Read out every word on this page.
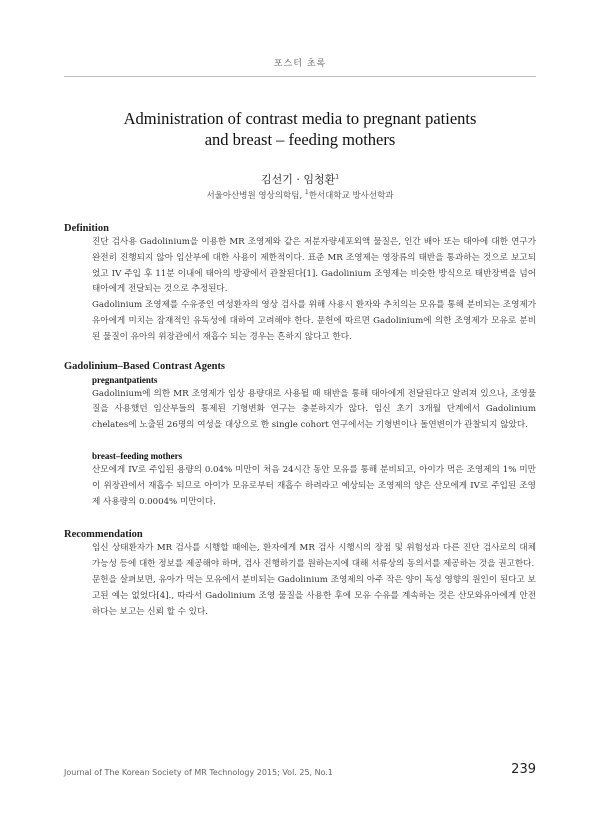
포스터 초록
Administration of contrast media to pregnant patients
and breast – feeding mothers
김선기 · 임청환$^1$
서울아산병원 영상의학팀, $^1$한서대학교 방사선학과
Definition

진단 검사용 Gadolinium을 이용한 MR 조영제와 같은 저분자량세포외액 물질은, 인간 배아 또는 태아에 대한 연구가 완전히 진행되지 않아 임산부에 대한 사용이 제한적이다. 표준 MR 조영제는 영장류의 태반을 통과하는 것으로 보고되었고 IV 주입 후 11분 이내에 태아의 방광에서 관찰된다[1]. Gadolinium 조영제는 비슷한 방식으로 태반장벽을 넘어 태아에게 전달되는 것으로 추정된다.

Gadolinium 조영제를 수유중인 여성환자의 영상 검사를 위해 사용시 환자와 추치의는 모유를 통해 분비되는 조영제가 유아에게 미치는 잠재적인 유독성에 대하여 고려해야 한다. 문헌에 따르면 Gadolinium에 의한 조영제가 모유로 분비된 물질이 유아의 위장관에서 재흡수 되는 경우는 흔하지 않다고 한다.

Gadolinium–Based Contrast Agents

pregnantpatients

Gadolinium에 의한 MR 조영제가 임상 용량대로 사용될 때 태반을 통해 태아에게 전달된다고 알려져 있으나, 조영물질을 사용했던 임산부들의 통제된 기형변화 연구는 충분하지가 않다. 임신 초기 3개월 단계에서 Gadolinium chelates에 노출된 26명의 여성을 대상으로 한 single cohort 연구에서는 기형변이나 돌연변이가 관찰되지 않았다.

breast–feeding mothers

산모에게 IV로 주입된 용량의 0.04% 미만이 처음 24시간 동안 모유를 통해 분비되고, 아이가 먹은 조영제의 1% 미만이 위장관에서 재흡수 되므로 아이가 모유로부터 재흡수 하려라고 예상되는 조영제의 양은 산모에게 IV로 주입된 조영제 사용량의 0.0004% 미만이다.

Recommendation

임신 상태환자가 MR 검사를 시행할 때에는, 환자에게 MR 검사 시행시의 장점 및 위험성과 다른 진단 검사로의 대체 가능성 등에 대한 정보를 제공해야 하며, 검사 진행하기를 원하는지에 대해 서류상의 동의서를 제공하는 것을 권고한다.

문헌을 살펴보면, 유아가 먹는 모유에서 분비되는 Gadolinium 조영제의 아주 작은 양이 독성 영향의 원인이 된다고 보고된 예는 없었다[4]., 따라서 Gadolinium 조영 물질을 사용한 후에 모유 수유를 계속하는 것은 산모와유아에게 안전하다는 보고는 신뢰 할 수 있다.

Journal of The Korean Society of MR Technology 2015; Vol. 25, No.1	239
